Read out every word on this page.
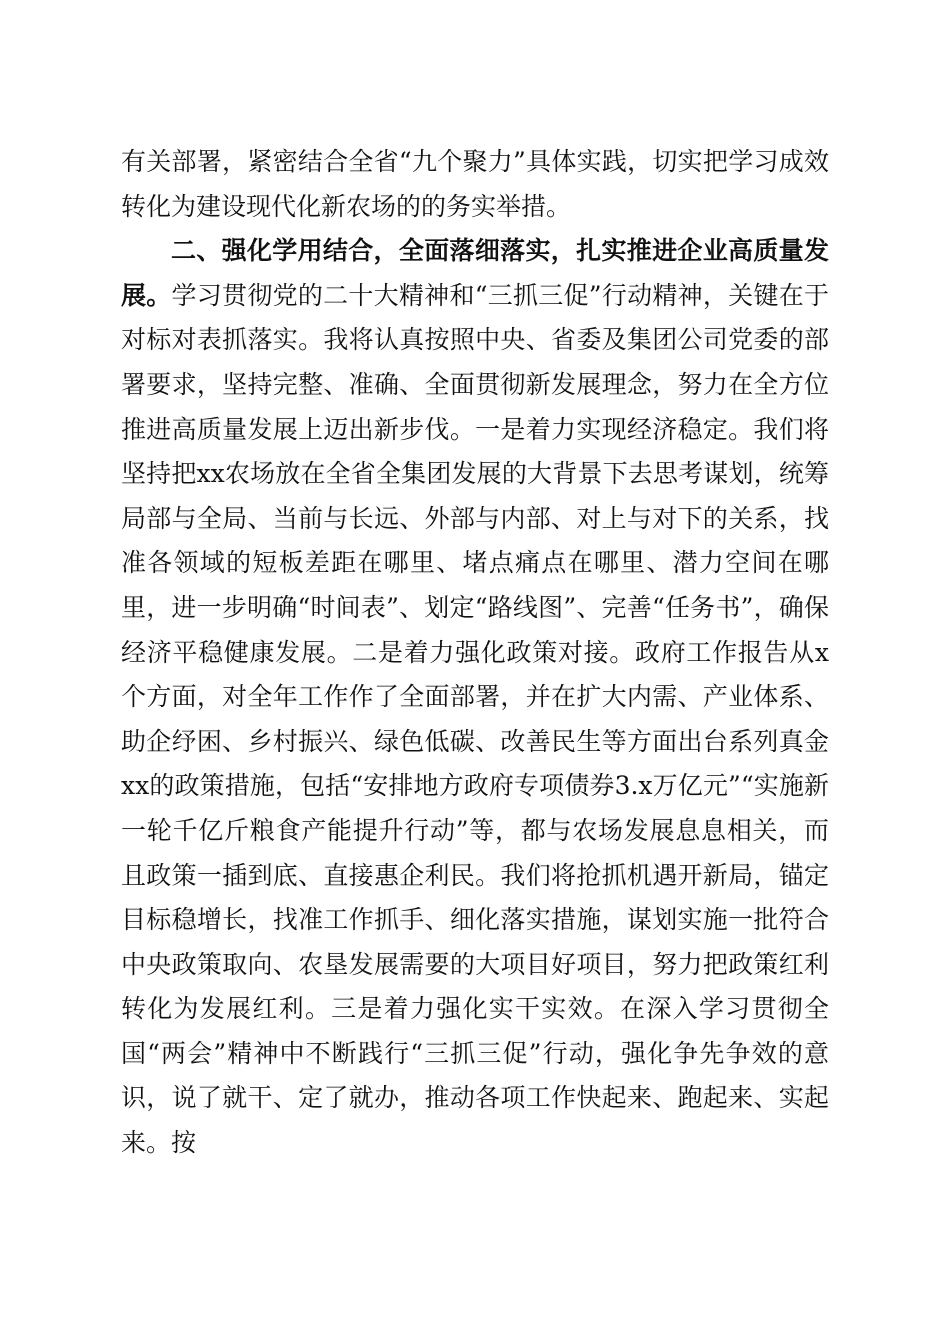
有关部署，紧密结合全省“九个聚力”具体实践，切实把学习成效转化为建设现代化新农场的的务实举措。

二、强化学用结合，全面落细落实，扎实推进企业高质量发展。学习贯彻党的二十大精神和“三抓三促”行动精神，关键在于对标对表抓落实。我将认真按照中央、省委及集团公司党委的部署要求，坚持完整、准确、全面贯彻新发展理念，努力在全方位推进高质量发展上迈出新步伐。一是着力实现经济稳定。我们将坚持把xx农场放在全省全集团发展的大背景下去思考谋划，统筹局部与全局、当前与长远、外部与内部、对上与对下的关系，找准各领域的短板差距在哪里、堵点痛点在哪里、潜力空间在哪里，进一步明确“时间表”、划定“路线图”、完善“任务书”，确保经济平稳健康发展。二是着力强化政策对接。政府工作报告从x个方面，对全年工作作了全面部署，并在扩大内需、产业体系、助企纾困、乡村振兴、绿色低碳、改善民生等方面出台系列真金xx的政策措施，包括“安排地方政府专项债券3.x万亿元”“实施新一轮千亿斤粮食产能提升行动”等，都与农场发展息息相关，而且政策一插到底、直接惠企利民。我们将抢抓机遇开新局，锚定目标稳增长，找准工作抓手、细化落实措施，谋划实施一批符合中央政策取向、农垦发展需要的大项目好项目，努力把政策红利转化为发展红利。三是着力强化实干实效。在深入学习贯彻全国“两会”精神中不断践行“三抓三促”行动，强化争先争效的意识，说了就干、定了就办，推动各项工作快起来、跑起来、实起来。按
